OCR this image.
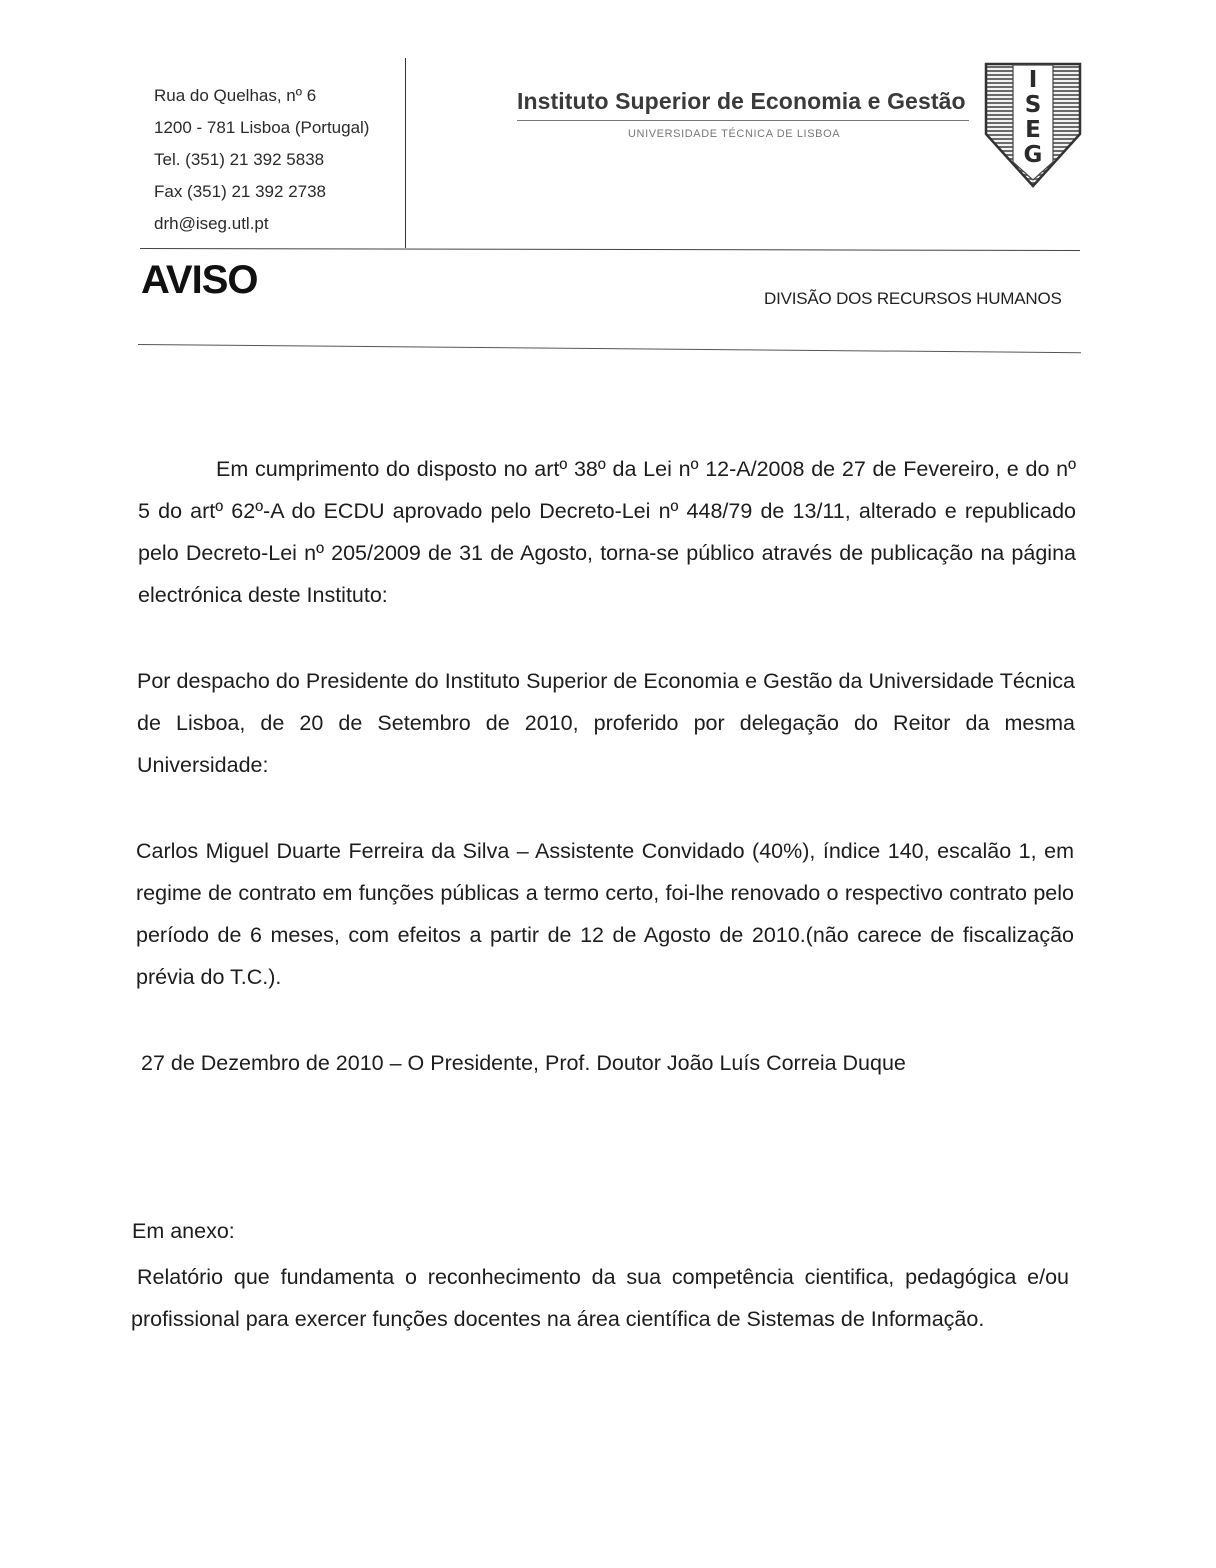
Rua do Quelhas, nº 6
1200 - 781 Lisboa (Portugal)
Tel. (351) 21 392 5838
Fax (351) 21 392 2738
drh@iseg.utl.pt
Instituto Superior de Economia e Gestão
UNIVERSIDADE TÉCNICA DE LISBOA
I
S
E
G
AVISO	DIVISÃO DOS RECURSOS HUMANOS
Em cumprimento do disposto no artº 38º da Lei nº 12-A/2008 de 27 de Fevereiro, e do nº 5 do artº 62º-A do ECDU aprovado pelo Decreto-Lei nº 448/79 de 13/11, alterado e republicado pelo Decreto-Lei nº 205/2009 de 31 de Agosto, torna-se público através de publicação na página electrónica deste Instituto:
Por despacho do Presidente do Instituto Superior de Economia e Gestão da Universidade Técnica de Lisboa, de 20 de Setembro de 2010, proferido por delegação do Reitor da mesma Universidade:
Carlos Miguel Duarte Ferreira da Silva – Assistente Convidado (40%), índice 140, escalão 1, em regime de contrato em funções públicas a termo certo, foi-lhe renovado o respectivo contrato pelo período de 6 meses, com efeitos a partir de 12 de Agosto de 2010.(não carece de fiscalização prévia do T.C.).
27 de Dezembro de 2010 – O Presidente, Prof. Doutor João Luís Correia Duque
Em anexo:
Relatório que fundamenta o reconhecimento da sua competência cientifica, pedagógica e/ou profissional para exercer funções docentes na área científica de Sistemas de Informação.
